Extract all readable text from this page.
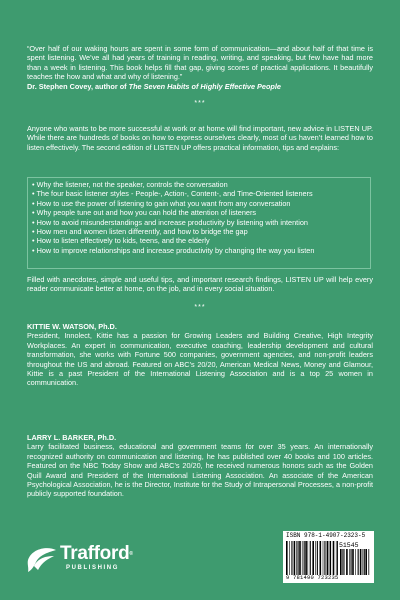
“Over half of our waking hours are spent in some form of communication—and about half of that time is spent listening. We’ve all had years of training in reading, writing, and speaking, but few have had more than a week in listening. This book helps fill that gap, giving scores of practical applications. It beautifully teaches the how and what and why of listening.”
Dr. Stephen Covey, author of The Seven Habits of Highly Effective People
***
Anyone who wants to be more successful at work or at home will find important, new advice in LISTEN UP. While there are hundreds of books on how to express ourselves clearly, most of us haven’t learned how to listen effectively. The second edition of LISTEN UP offers practical information, tips and explains:
• Why the listener, not the speaker, controls the conversation
• The four basic listener styles - People-, Action-, Content-, and Time-Oriented listeners
• How to use the power of listening to gain what you want from any conversation
• Why people tune out and how you can hold the attention of listeners
• How to avoid misunderstandings and increase productivity by listening with intention
• How men and women listen differently, and how to bridge the gap
• How to listen effectively to kids, teens, and the elderly
• How to improve relationships and increase productivity by changing the way you listen
Filled with anecdotes, simple and useful tips, and important research findings, LISTEN UP will help every reader communicate better at home, on the job, and in every social situation.
***
KITTIE W. WATSON, Ph.D.
President, Innolect, Kittie has a passion for Growing Leaders and Building Creative, High Integrity Workplaces. An expert in communication, executive coaching, leadership development and cultural transformation, she works with Fortune 500 companies, government agencies, and non-profit leaders throughout the US and abroad. Featured on ABC’s 20/20, American Medical News, Money and Glamour, Kittie is a past President of the International Listening Association and is a top 25 women in communication.
LARRY L. BARKER, Ph.D.
Larry facilitated business, educational and government teams for over 35 years. An internationally recognized authority on communication and listening, he has published over 40 books and 100 articles. Featured on the NBC Today Show and ABC’s 20/20, he received numerous honors such as the Golden Quill Award and President of the International Listening Association. An associate of the American Psychological Association, he is the Director, Institute for the Study of Intrapersonal Processes, a non-profit publicly supported foundation.
Trafford®
PUBLISHING
ISBN 978-1-4907-2323-5
51545
9 781490 723235
